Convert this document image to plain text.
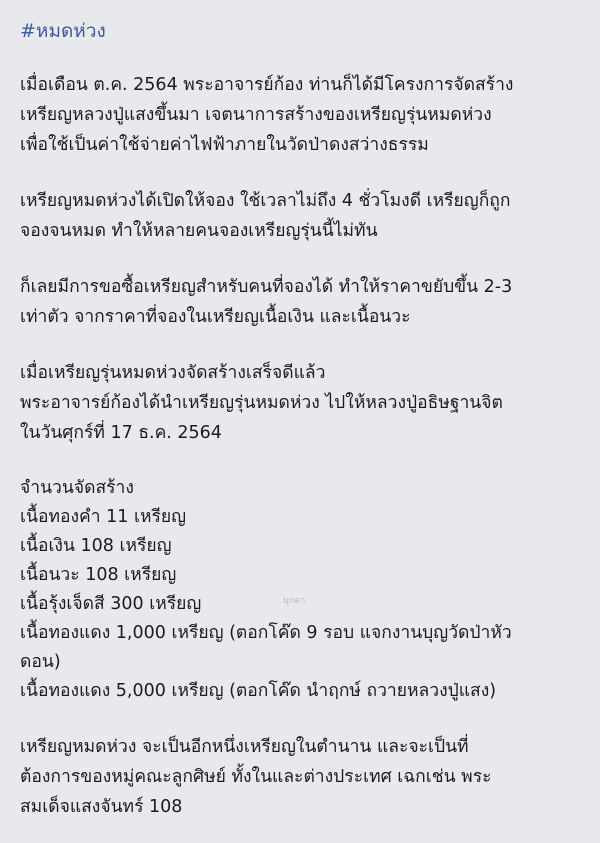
#หมดห่วง
เมื่อเดือน ต.ค. 2564 พระอาจารย์ก้อง ท่านก็ได้มีโครงการจัดสร้าง
เหรียญหลวงปู่แสงขึ้นมา เจตนาการสร้างของเหรียญรุ่นหมดห่วง
เพื่อใช้เป็นค่าใช้จ่ายค่าไฟฟ้าภายในวัดป่าดงสว่างธรรม
เหรียญหมดห่วงได้เปิดให้จอง ใช้เวลาไม่ถึง 4 ชั่วโมงดี เหรียญก็ถูก
จองจนหมด ทำให้หลายคนจองเหรียญรุ่นนี้ไม่ทัน
ก็เลยมีการขอซื้อเหรียญสำหรับคนที่จองได้ ทำให้ราคาขยับขึ้น 2-3
เท่าตัว จากราคาที่จองในเหรียญเนื้อเงิน และเนื้อนวะ
เมื่อเหรียญรุ่นหมดห่วงจัดสร้างเสร็จดีแล้ว
พระอาจารย์ก้องได้นำเหรียญรุ่นหมดห่วง ไปให้หลวงปู่อธิษฐานจิต
ในวันศุกร์ที่ 17 ธ.ค. 2564
จำนวนจัดสร้าง
เนื้อทองคำ 11 เหรียญ
เนื้อเงิน 108 เหรียญ
เนื้อนวะ 108 เหรียญ
เนื้อรุ้งเจ็ดสี 300 เหรียญ
เนื้อทองแดง 1,000 เหรียญ (ตอกโค๊ด 9 รอบ แจกงานบุญวัดป่าหัว
ดอน)
เนื้อทองแดง 5,000 เหรียญ (ตอกโค๊ด นำฤกษ์ ถวายหลวงปู่แสง)
เหรียญหมดห่วง จะเป็นอีกหนึ่งเหรียญในตำนาน และจะเป็นที่
ต้องการของหมู่คณะลูกศิษย์ ทั้งในและต่างประเทศ เฉกเช่น พระ
สมเด็จแสงจันทร์ 108
มุกดา
